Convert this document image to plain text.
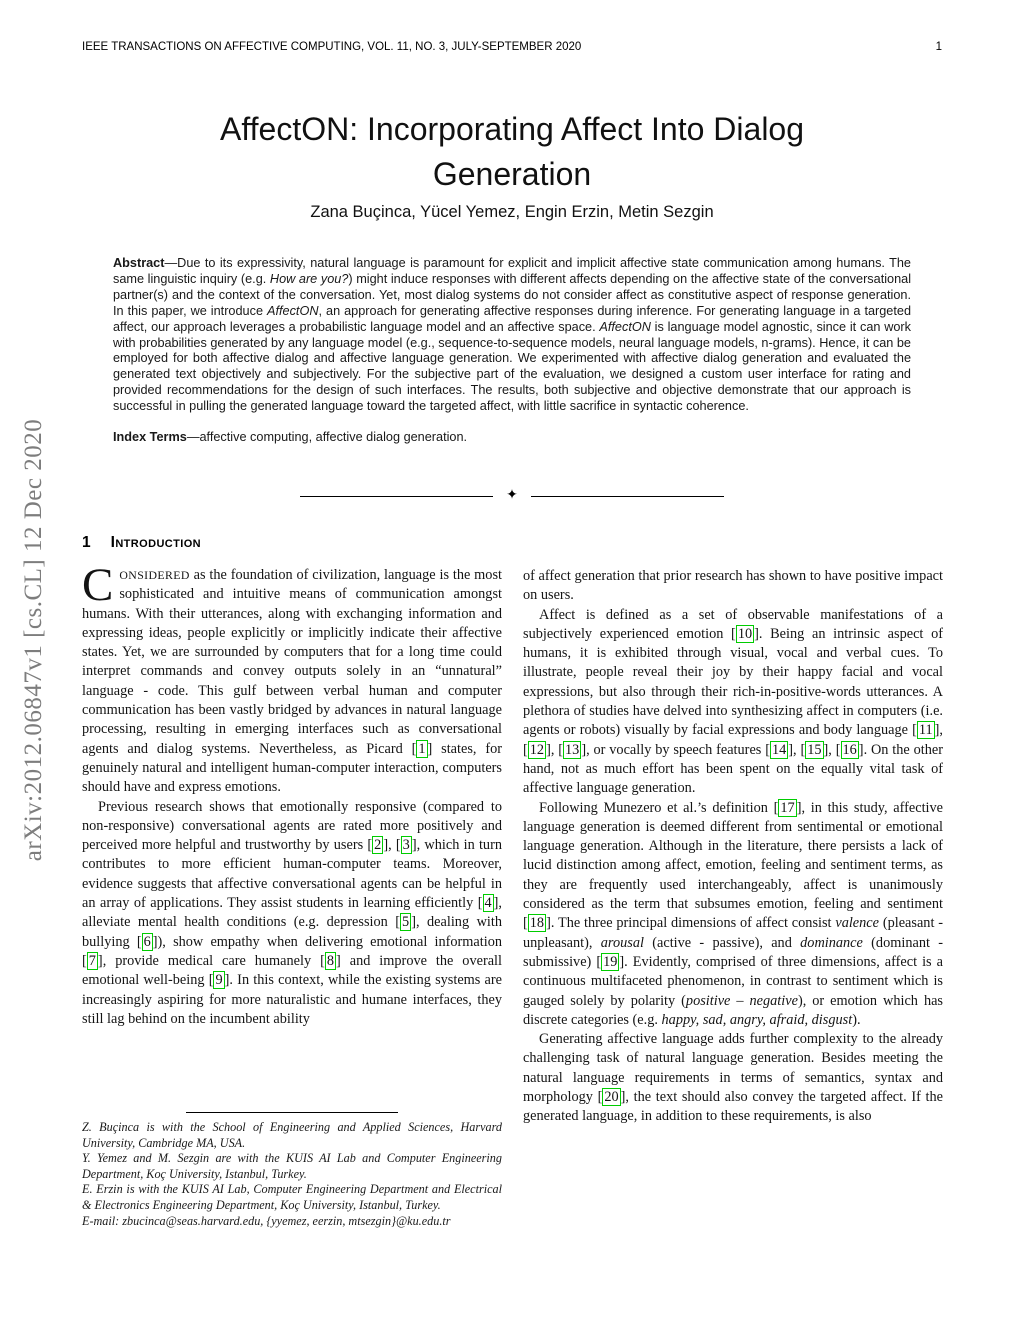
arXiv:2012.06847v1 [cs.CL] 12 Dec 2020
IEEE TRANSACTIONS ON AFFECTIVE COMPUTING, VOL. 11, NO. 3, JULY-SEPTEMBER 2020	1
AffectON: Incorporating Affect Into Dialog Generation
Zana Buçinca, Yücel Yemez, Engin Erzin, Metin Sezgin

Abstract—Due to its expressivity, natural language is paramount for explicit and implicit affective state communication among humans. The same linguistic inquiry (e.g. How are you?) might induce responses with different affects depending on the affective state of the conversational partner(s) and the context of the conversation. Yet, most dialog systems do not consider affect as constitutive aspect of response generation. In this paper, we introduce AffectON, an approach for generating affective responses during inference. For generating language in a targeted affect, our approach leverages a probabilistic language model and an affective space. AffectON is language model agnostic, since it can work with probabilities generated by any language model (e.g., sequence-to-sequence models, neural language models, n-grams). Hence, it can be employed for both affective dialog and affective language generation. We experimented with affective dialog generation and evaluated the generated text objectively and subjectively. For the subjective part of the evaluation, we designed a custom user interface for rating and provided recommendations for the design of such interfaces. The results, both subjective and objective demonstrate that our approach is successful in pulling the generated language toward the targeted affect, with little sacrifice in syntactic coherence.

Index Terms—affective computing, affective dialog generation.

✦
1 Introduction

CONSIDERED as the foundation of civilization, language is the most sophisticated and intuitive means of communication amongst humans. With their utterances, along with exchanging information and expressing ideas, people explicitly or implicitly indicate their affective states. Yet, we are surrounded by computers that for a long time could interpret commands and convey outputs solely in an “unnatural” language - code. This gulf between verbal human and computer communication has been vastly bridged by advances in natural language processing, resulting in emerging interfaces such as conversational agents and dialog systems. Nevertheless, as Picard [ 1 ] states, for genuinely natural and intelligent human-computer interaction, computers should have and express emotions.

Previous research shows that emotionally responsive (compared to non-responsive) conversational agents are rated more positively and perceived more helpful and trustworthy by users [ 2 ], [ 3 ], which in turn contributes to more efficient human-computer teams. Moreover, evidence suggests that affective conversational agents can be helpful in an array of applications. They assist students in learning efficiently [ 4 ], alleviate mental health conditions (e.g. depression [ 5 ], dealing with bullying [ 6 ]), show empathy when delivering emotional information [ 7 ], provide medical care humanely [ 8 ] and improve the overall emotional well-being [ 9 ]. In this context, while the existing systems are increasingly aspiring for more naturalistic and humane interfaces, they still lag behind on the incumbent ability

of affect generation that prior research has shown to have positive impact on users.

Affect is defined as a set of observable manifestations of a subjectively experienced emotion [ 10 ]. Being an intrinsic aspect of humans, it is exhibited through visual, vocal and verbal cues. To illustrate, people reveal their joy by their happy facial and vocal expressions, but also through their rich-in-positive-words utterances. A plethora of studies have delved into synthesizing affect in computers (i.e. agents or robots) visually by facial expressions and body language [ 11 ], [ 12 ], [ 13 ], or vocally by speech features [ 14 ], [ 15 ], [ 16 ]. On the other hand, not as much effort has been spent on the equally vital task of affective language generation.

Following Munezero et al.’s definition [ 17 ], in this study, affective language generation is deemed different from sentimental or emotional language generation. Although in the literature, there persists a lack of lucid distinction among affect, emotion, feeling and sentiment terms, as they are frequently used interchangeably, affect is unanimously considered as the term that subsumes emotion, feeling and sentiment [ 18 ]. The three principal dimensions of affect consist valence (pleasant - unpleasant), arousal (active - passive), and dominance (dominant - submissive) [ 19 ]. Evidently, comprised of three dimensions, affect is a continuous multifaceted phenomenon, in contrast to sentiment which is gauged solely by polarity (positive – negative), or emotion which has discrete categories (e.g. happy, sad, angry, afraid, disgust).

Generating affective language adds further complexity to the already challenging task of natural language generation. Besides meeting the natural language requirements in terms of semantics, syntax and morphology [ 20 ], the text should also convey the targeted affect. If the generated language, in addition to these requirements, is also

Z. Buçinca is with the School of Engineering and Applied Sciences, Harvard University, Cambridge MA, USA.

Y. Yemez and M. Sezgin are with the KUIS AI Lab and Computer Engineering Department, Koç University, Istanbul, Turkey.

E. Erzin is with the KUIS AI Lab, Computer Engineering Department and Electrical & Electronics Engineering Department, Koç University, Istanbul, Turkey.

E-mail: zbucinca@seas.harvard.edu, {yyemez, eerzin, mtsezgin}@ku.edu.tr
